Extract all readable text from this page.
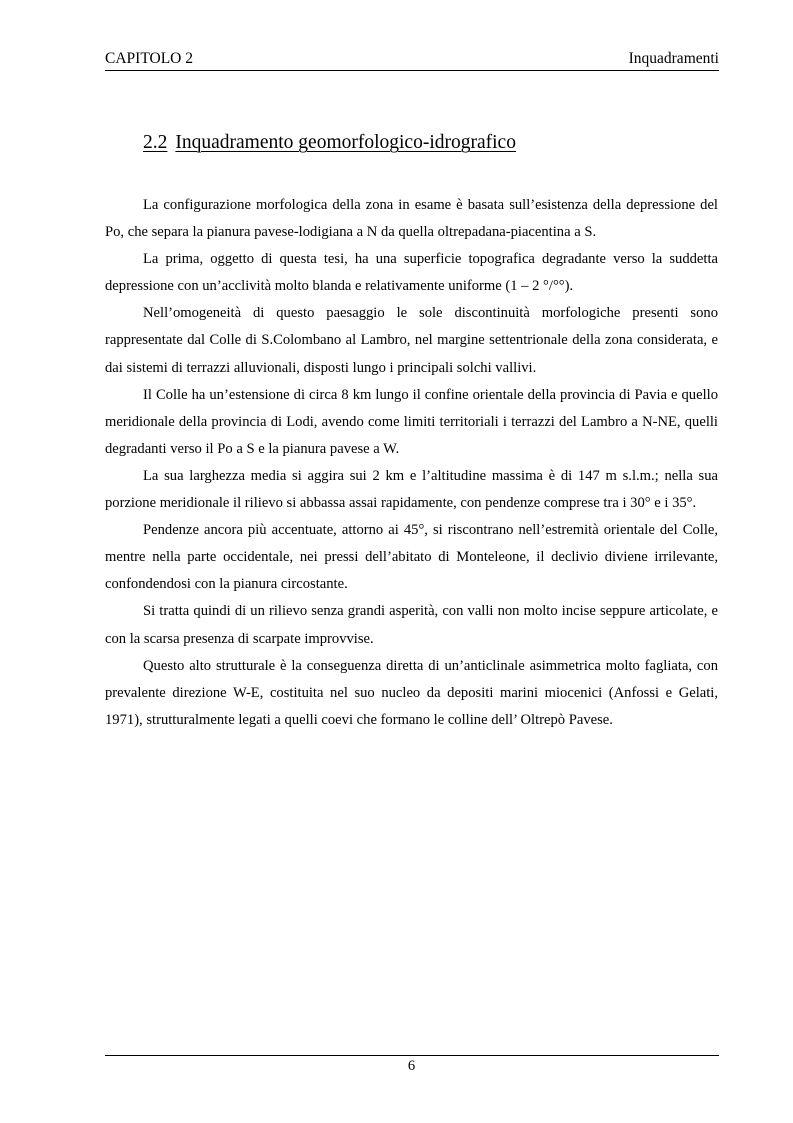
CAPITOLO 2	Inquadramenti
2.2 Inquadramento geomorfologico-idrografico

La configurazione morfologica della zona in esame è basata sull’esistenza della depressione del Po, che separa la pianura pavese-lodigiana a N da quella oltrepadana-piacentina a S.

La prima, oggetto di questa tesi, ha una superficie topografica degradante verso la suddetta depressione con un’acclività molto blanda e relativamente uniforme (1 – 2 °/°°).

Nell’omogeneità di questo paesaggio le sole discontinuità morfologiche presenti sono rappresentate dal Colle di S.Colombano al Lambro, nel margine settentrionale della zona considerata, e dai sistemi di terrazzi alluvionali, disposti lungo i principali solchi vallivi.

Il Colle ha un’estensione di circa 8 km lungo il confine orientale della provincia di Pavia e quello meridionale della provincia di Lodi, avendo come limiti territoriali i terrazzi del Lambro a N-NE, quelli degradanti verso il Po a S e la pianura pavese a W.

La sua larghezza media si aggira sui 2 km e l’altitudine massima è di 147 m s.l.m.; nella sua porzione meridionale il rilievo si abbassa assai rapidamente, con pendenze comprese tra i 30° e i 35°.

Pendenze ancora più accentuate, attorno ai 45°, si riscontrano nell’estremità orientale del Colle, mentre nella parte occidentale, nei pressi dell’abitato di Monteleone, il declivio diviene irrilevante, confondendosi con la pianura circostante.

Si tratta quindi di un rilievo senza grandi asperità, con valli non molto incise seppure articolate, e con la scarsa presenza di scarpate improvvise.

Questo alto strutturale è la conseguenza diretta di un’anticlinale asimmetrica molto fagliata, con prevalente direzione W-E, costituita nel suo nucleo da depositi marini miocenici (Anfossi e Gelati, 1971), strutturalmente legati a quelli coevi che formano le colline dell’ Oltrepò Pavese.

6
